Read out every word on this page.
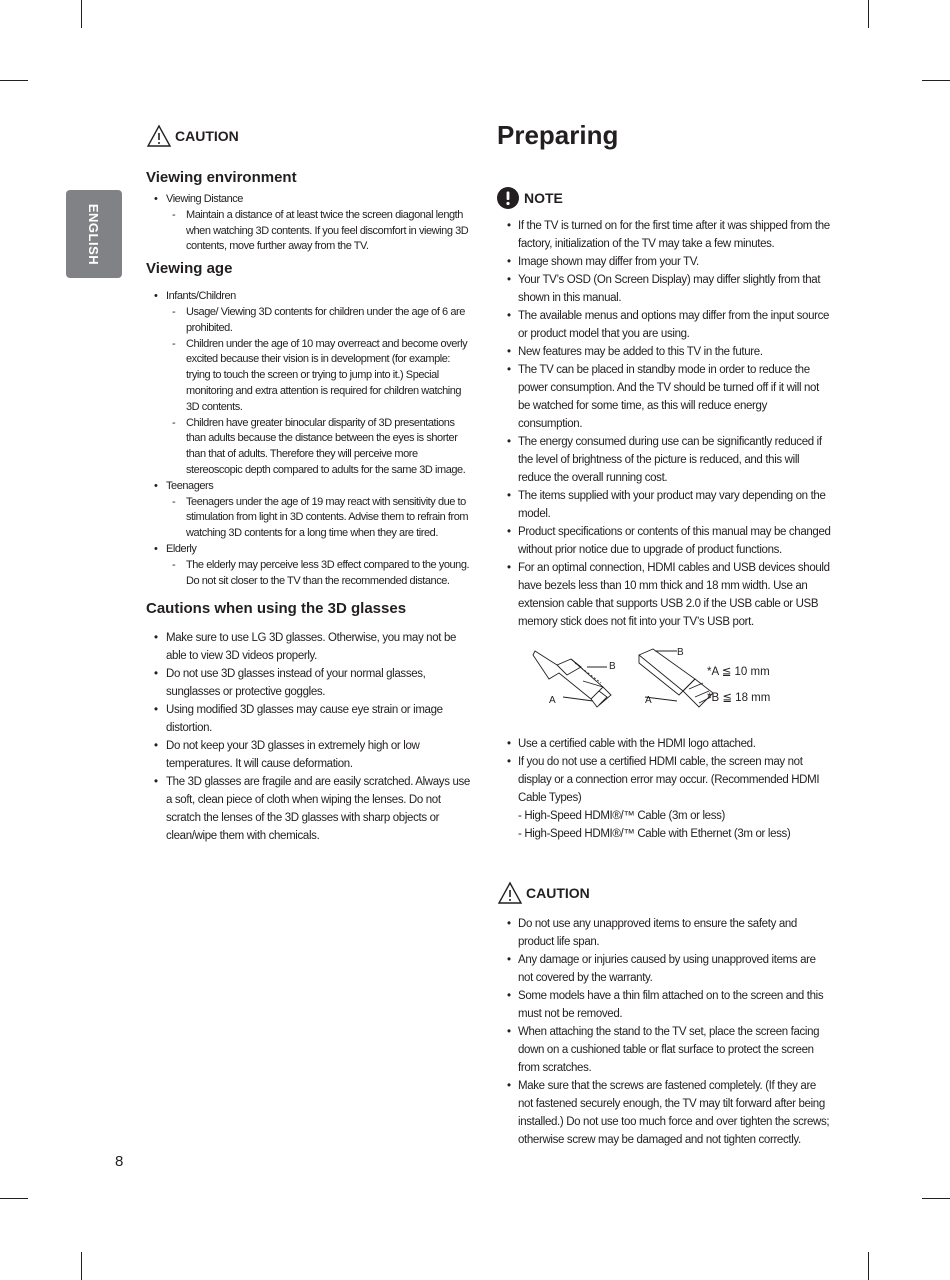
ENGLISH
CAUTION
Viewing environment
• Viewing Distance
- Maintain a distance of at least twice the screen diagonal length when watching 3D contents. If you feel discomfort in viewing 3D contents, move further away from the TV.
Viewing age
• Infants/Children
- Usage/ Viewing 3D contents for children under the age of 6 are prohibited.
- Children under the age of 10 may overreact and become overly excited because their vision is in development (for example: trying to touch the screen or trying to jump into it.) Special monitoring and extra attention is required for children watching 3D contents.
- Children have greater binocular disparity of 3D presentations than adults because the distance between the eyes is shorter than that of adults. Therefore they will perceive more stereoscopic depth compared to adults for the same 3D image.
• Teenagers
- Teenagers under the age of 19 may react with sensitivity due to stimulation from light in 3D contents. Advise them to refrain from watching 3D contents for a long time when they are tired.
• Elderly
- The elderly may perceive less 3D effect compared to the young. Do not sit closer to the TV than the recommended distance.
Cautions when using the 3D glasses
• Make sure to use LG 3D glasses. Otherwise, you may not be able to view 3D videos properly.
• Do not use 3D glasses instead of your normal glasses, sunglasses or protective goggles.
• Using modified 3D glasses may cause eye strain or image distortion.
• Do not keep your 3D glasses in extremely high or low temperatures. It will cause deformation.
• The 3D glasses are fragile and are easily scratched. Always use a soft, clean piece of cloth when wiping the lenses. Do not scratch the lenses of the 3D glasses with sharp objects or clean/wipe them with chemicals.
Preparing
NOTE
• If the TV is turned on for the first time after it was shipped from the factory, initialization of the TV may take a few minutes.
• Image shown may differ from your TV.
• Your TV’s OSD (On Screen Display) may differ slightly from that shown in this manual.
• The available menus and options may differ from the input source or product model that you are using.
• New features may be added to this TV in the future.
• The TV can be placed in standby mode in order to reduce the power consumption. And the TV should be turned off if it will not be watched for some time, as this will reduce energy consumption.
• The energy consumed during use can be significantly reduced if the level of brightness of the picture is reduced, and this will reduce the overall running cost.
• The items supplied with your product may vary depending on the model.
• Product specifications or contents of this manual may be changed without prior notice due to upgrade of product functions.
• For an optimal connection, HDMI cables and USB devices should have bezels less than 10 mm thick and 18 mm width. Use an extension cable that supports USB 2.0 if the USB cable or USB memory stick does not fit into your TV’s USB port.
B
A
B
A
*A ≦ 10 mm
*B ≦ 18 mm
• Use a certified cable with the HDMI logo attached.
• If you do not use a certified HDMI cable, the screen may not display or a connection error may occur. (Recommended HDMI Cable Types)
- High-Speed HDMI®/™ Cable (3m or less)
- High-Speed HDMI®/™ Cable with Ethernet (3m or less)
CAUTION
• Do not use any unapproved items to ensure the safety and product life span.
• Any damage or injuries caused by using unapproved items are not covered by the warranty.
• Some models have a thin film attached on to the screen and this must not be removed.
• When attaching the stand to the TV set, place the screen facing down on a cushioned table or flat surface to protect the screen from scratches.
• Make sure that the screws are fastened completely. (If they are not fastened securely enough, the TV may tilt forward after being installed.) Do not use too much force and over tighten the screws; otherwise screw may be damaged and not tighten correctly.
8
